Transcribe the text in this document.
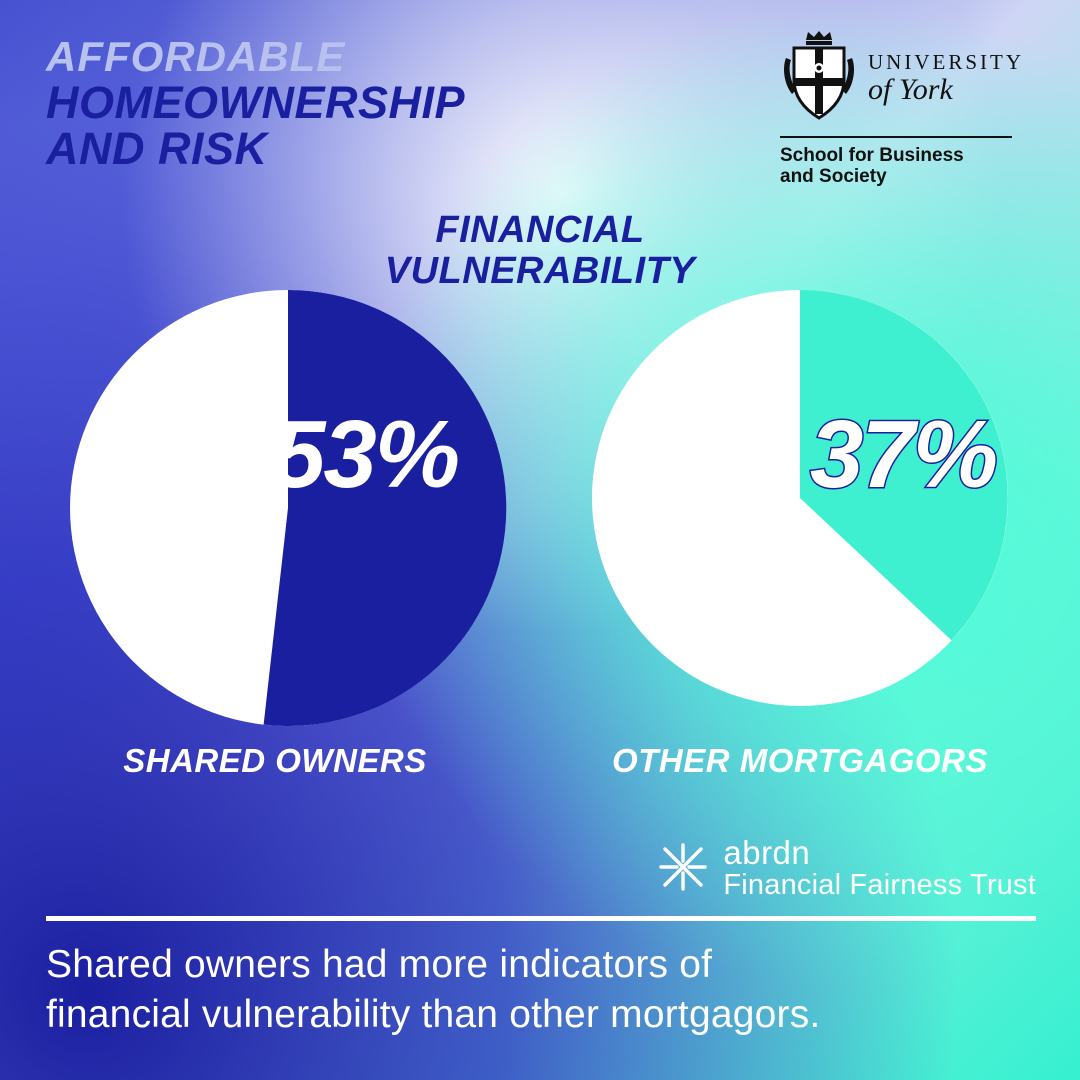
AFFORDABLE
HOMEOWNERSHIP
AND RISK
UNIVERSITY
of York
School for Business
and Society
FINANCIAL
VULNERABILITY
53%
SHARED OWNERS
37%
OTHER MORTGAGORS
abrdn
Financial Fairness Trust
Shared owners had more indicators of
financial vulnerability than other mortgagors.
